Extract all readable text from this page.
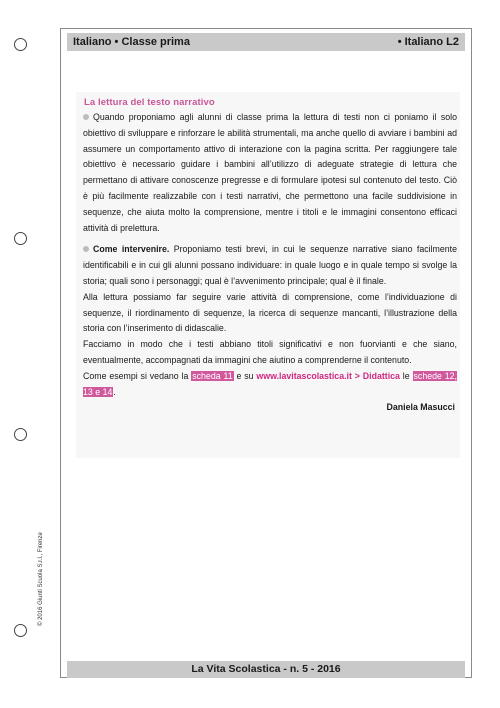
Italiano • Classe prima	• Italiano L2
© 2016 Giunti Scuola S.r.l., Firenze
La lettura del testo narrativo

Quando proponiamo agli alunni di classe prima la lettura di testi non ci poniamo il solo obiettivo di sviluppare e rinforzare le abilità strumentali, ma anche quello di avviare i bambini ad assumere un comportamento attivo di interazione con la pagina scritta. Per raggiungere tale obiettivo è necessario guidare i bambini all’utilizzo di adeguate strategie di lettura che permettano di attivare conoscenze pregresse e di formulare ipotesi sul contenuto del testo. Ciò è più facilmente realizzabile con i testi narrativi, che permettono una facile suddivisione in sequenze, che aiuta molto la comprensione, mentre i titoli e le immagini consentono efficaci attività di prelettura.

Come intervenire. Proponiamo testi brevi, in cui le sequenze narrative siano facilmente identificabili e in cui gli alunni possano individuare: in quale luogo e in quale tempo si svolge la storia; quali sono i personaggi; qual è l’avvenimento principale; qual è il finale.

Alla lettura possiamo far seguire varie attività di comprensione, come l’individuazione di sequenze, il riordinamento di sequenze, la ricerca di sequenze mancanti, l’illustrazione della storia con l’inserimento di didascalie.

Facciamo in modo che i testi abbiano titoli significativi e non fuorvianti e che siano, eventualmente, accompagnati da immagini che aiutino a comprenderne il contenuto.

Come esempi si vedano la scheda 11 e su www.lavitascolastica.it > Didattica le schede 12, 13 e 14.

Daniela Masucci

La Vita Scolastica - n. 5 - 2016
